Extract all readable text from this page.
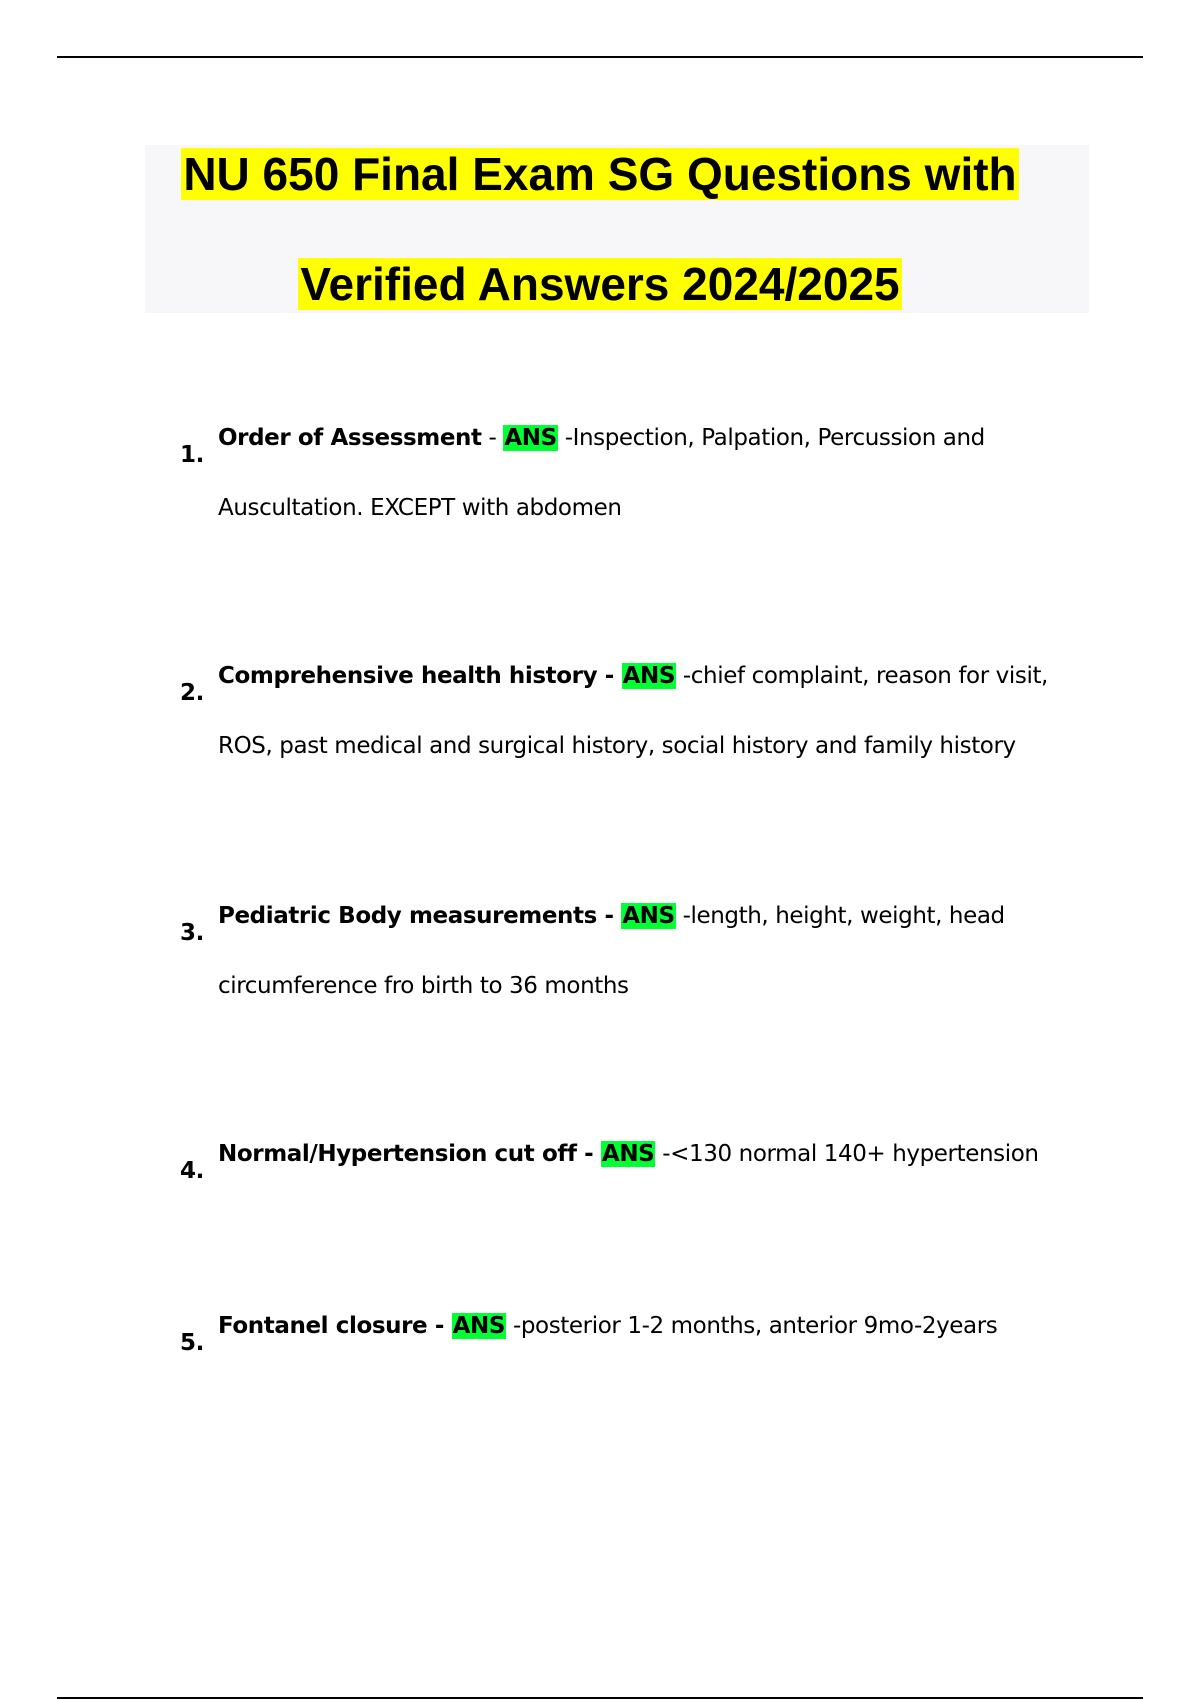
NU 650 Final Exam SG Questions with
Verified Answers 2024/2025
1.
Order of Assessment - ANS -Inspection, Palpation, Percussion and Auscultation. EXCEPT with abdomen
2.
Comprehensive health history - ANS -chief complaint, reason for visit, ROS, past medical and surgical history, social history and family history
3.
Pediatric Body measurements - ANS -length, height, weight, head circumference fro birth to 36 months
4.
Normal/Hypertension cut off - ANS -<130 normal 140+ hypertension
5.
Fontanel closure - ANS -posterior 1-2 months, anterior 9mo-2years
